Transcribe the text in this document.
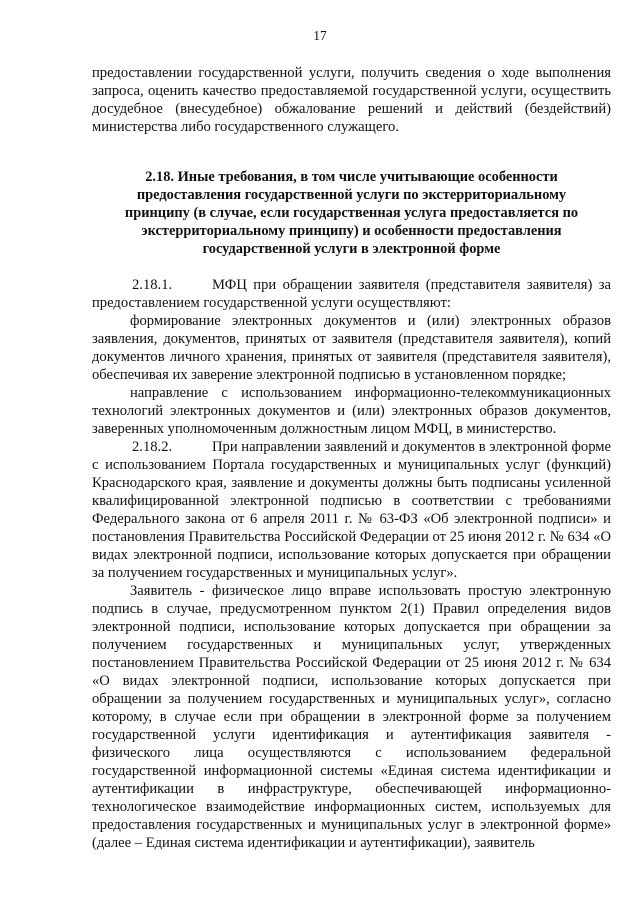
17

предоставлении государственной услуги, получить сведения о ходе выполнения запроса, оценить качество предоставляемой государственной услуги, осуществить досудебное (внесудебное) обжалование решений и действий (бездействий) министерства либо государственного служащего.

2.18. Иные требования, в том числе учитывающие особенности
предоставления государственной услуги по экстерриториальному
принципу (в случае, если государственная услуга предоставляется по
экстерриториальному принципу) и особенности предоставления
государственной услуги в электронной форме

2.18.1.	МФЦ при обращении заявителя (представителя заявителя) за предоставлением государственной услуги осуществляют:

формирование электронных документов и (или) электронных образов заявления, документов, принятых от заявителя (представителя заявителя), копий документов личного хранения, принятых от заявителя (представителя заявителя), обеспечивая их заверение электронной подписью в установленном порядке;

направление с использованием информационно-телекоммуникационных технологий электронных документов и (или) электронных образов документов, заверенных уполномоченным должностным лицом МФЦ, в министерство.

2.18.2.	При направлении заявлений и документов в электронной форме с использованием Портала государственных и муниципальных услуг (функций) Краснодарского края, заявление и документы должны быть подписаны усиленной квалифицированной электронной подписью в соответствии с требованиями Федерального закона от 6 апреля 2011 г. № 63-ФЗ «Об электронной подписи» и постановления Правительства Российской Федерации от 25 июня 2012 г. № 634 «О видах электронной подписи, использование которых допускается при обращении за получением государственных и муниципальных услуг».

Заявитель - физическое лицо вправе использовать простую электронную подпись в случае, предусмотренном пунктом 2(1) Правил определения видов электронной подписи, использование которых допускается при обращении за получением государственных и муниципальных услуг, утвержденных постановлением Правительства Российской Федерации от 25 июня 2012 г. № 634 «О видах электронной подписи, использование которых допускается при обращении за получением государственных и муниципальных услуг», согласно которому, в случае если при обращении в электронной форме за получением государственной услуги идентификация и аутентификация заявителя - физического лица осуществляются с использованием федеральной государственной информационной системы «Единая система идентификации и аутентификации в инфраструктуре, обеспечивающей информационно-технологическое взаимодействие информационных систем, используемых для предоставления государственных и муниципальных услуг в электронной форме» (далее – Единая система идентификации и аутентификации), заявитель
